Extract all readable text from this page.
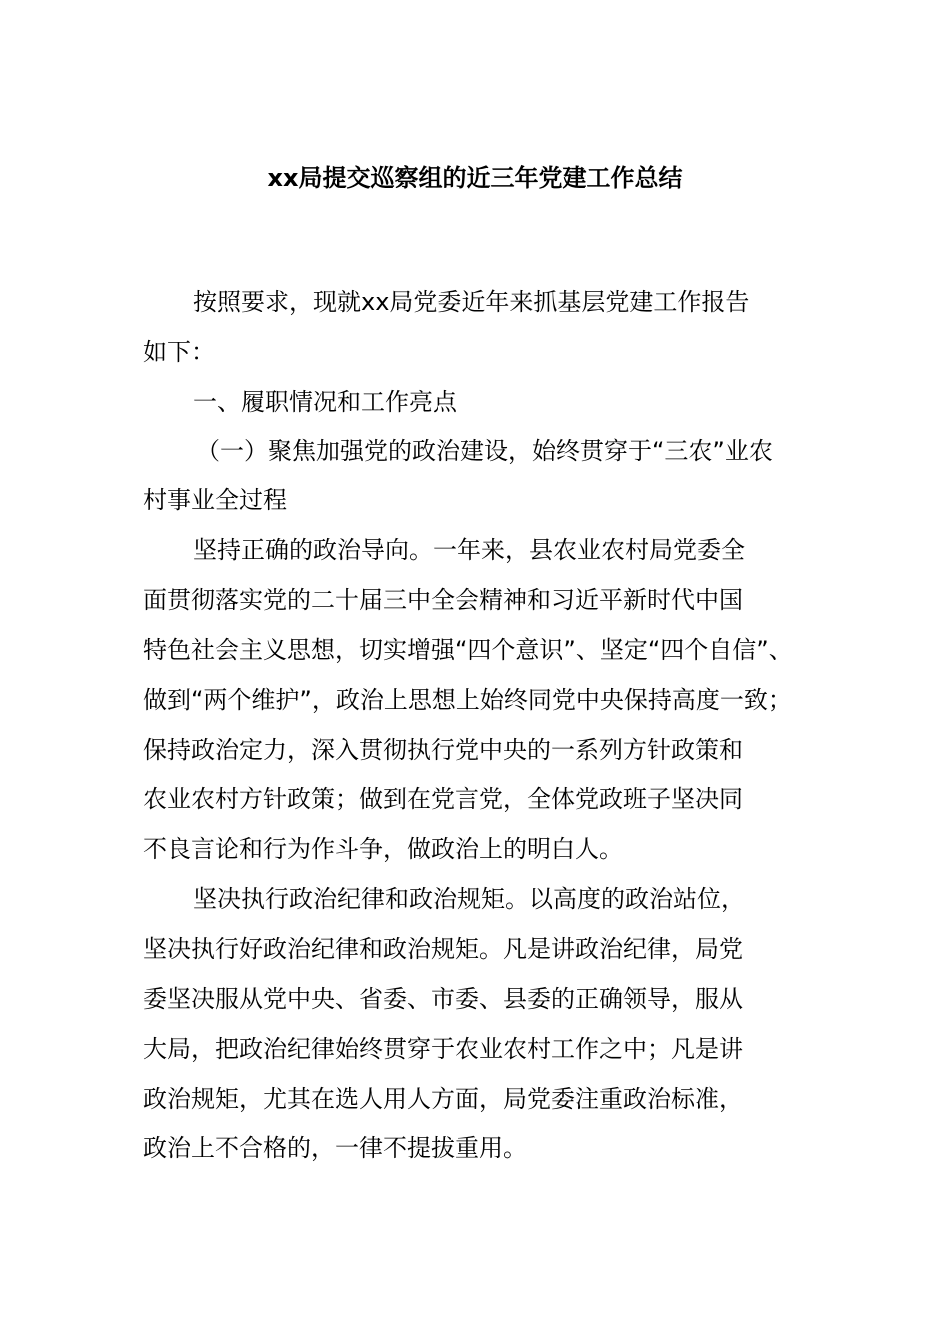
xx局提交巡察组的近三年党建工作总结
按照要求，现就xx局党委近年来抓基层党建工作报告
如下：
一、履职情况和工作亮点
（一）聚焦加强党的政治建设，始终贯穿于“三农”业农
村事业全过程
坚持正确的政治导向。一年来，县农业农村局党委全
面贯彻落实党的二十届三中全会精神和习近平新时代中国
特色社会主义思想，切实增强“四个意识”、坚定“四个自信”、
做到“两个维护”，政治上思想上始终同党中央保持高度一致；
保持政治定力，深入贯彻执行党中央的一系列方针政策和
农业农村方针政策；做到在党言党，全体党政班子坚决同
不良言论和行为作斗争，做政治上的明白人。
坚决执行政治纪律和政治规矩。以高度的政治站位，
坚决执行好政治纪律和政治规矩。凡是讲政治纪律，局党
委坚决服从党中央、省委、市委、县委的正确领导，服从
大局，把政治纪律始终贯穿于农业农村工作之中；凡是讲
政治规矩，尤其在选人用人方面，局党委注重政治标准，
政治上不合格的，一律不提拔重用。
